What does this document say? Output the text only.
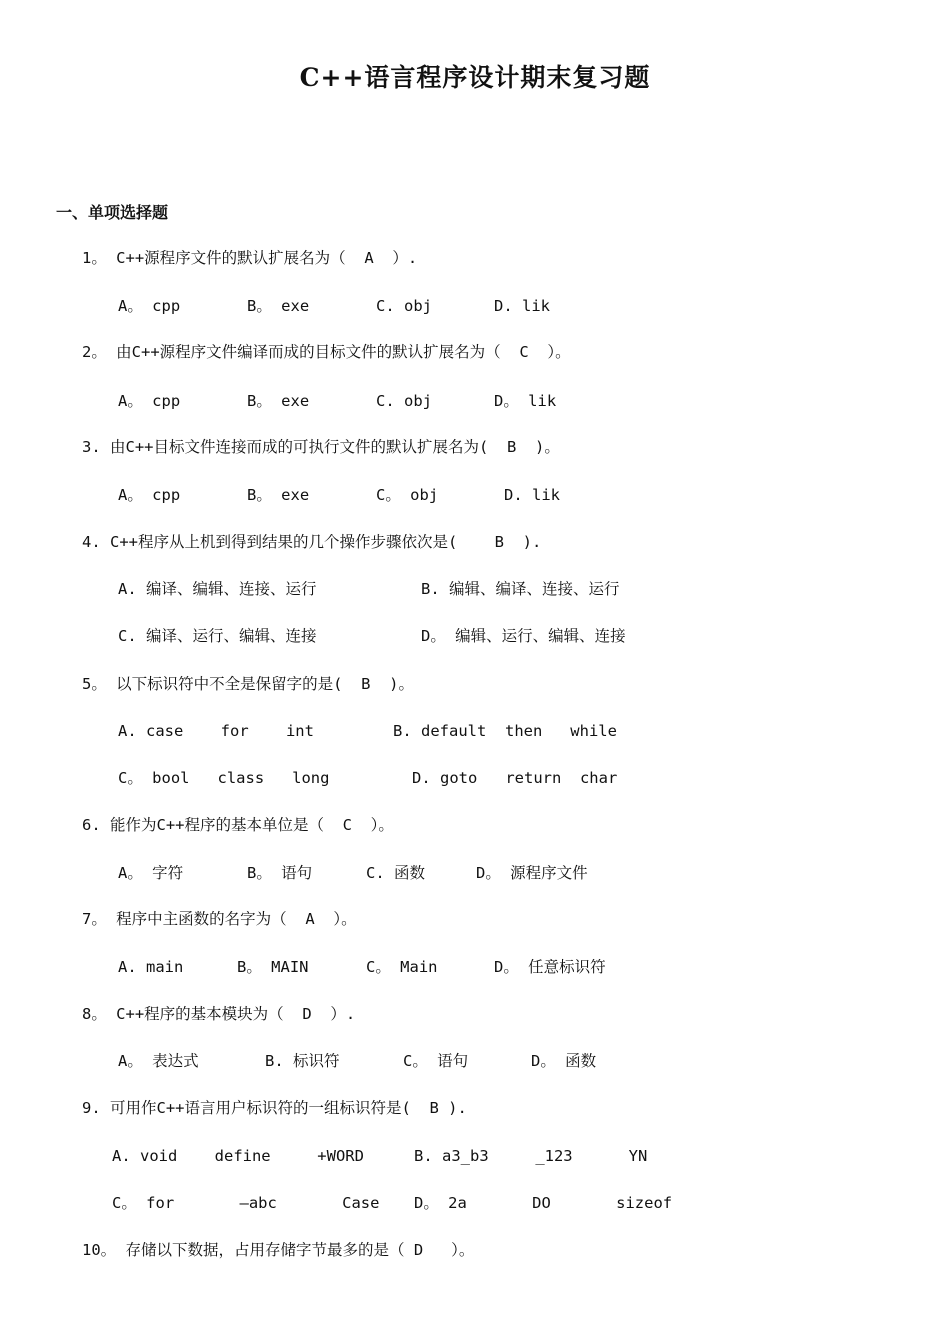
C++语言程序设计期末复习题
一、单项选择题
1。 C++源程序文件的默认扩展名为（  A  ）.
A。 cpp	B。 exe	C. obj	D. lik
2。 由C++源程序文件编译而成的目标文件的默认扩展名为（  C  ）。
A。 cpp	B。 exe	C. obj	D。 lik
3. 由C++目标文件连接而成的可执行文件的默认扩展名为(  B  )。
A。 cpp	B。 exe	C。 obj	D. lik
4. C++程序从上机到得到结果的几个操作步骤依次是(    B  ).
A. 编译、编辑、连接、运行	B. 编辑、编译、连接、运行
C. 编译、运行、编辑、连接	D。 编辑、运行、编辑、连接
5。 以下标识符中不全是保留字的是(  B  )。
A. case    for    int	B. default  then   while
C。 bool   class   long	D. goto   return  char
6. 能作为C++程序的基本单位是（  C  ）。
A。 字符	B。 语句	C. 函数	D。 源程序文件
7。 程序中主函数的名字为（  A  ）。
A. main	B。 MAIN	C。 Main	D。 任意标识符
8。 C++程序的基本模块为（  D  ）.
A。 表达式	B. 标识符	C。 语句	D。 函数
9. 可用作C++语言用户标识符的一组标识符是(  B ).
A. void    define     +WORD	B. a3_b3     _123      YN
C。 for       —abc       Case D。 2a       DO       sizeof
10。 存储以下数据，占用存储字节最多的是（ D   ）。
